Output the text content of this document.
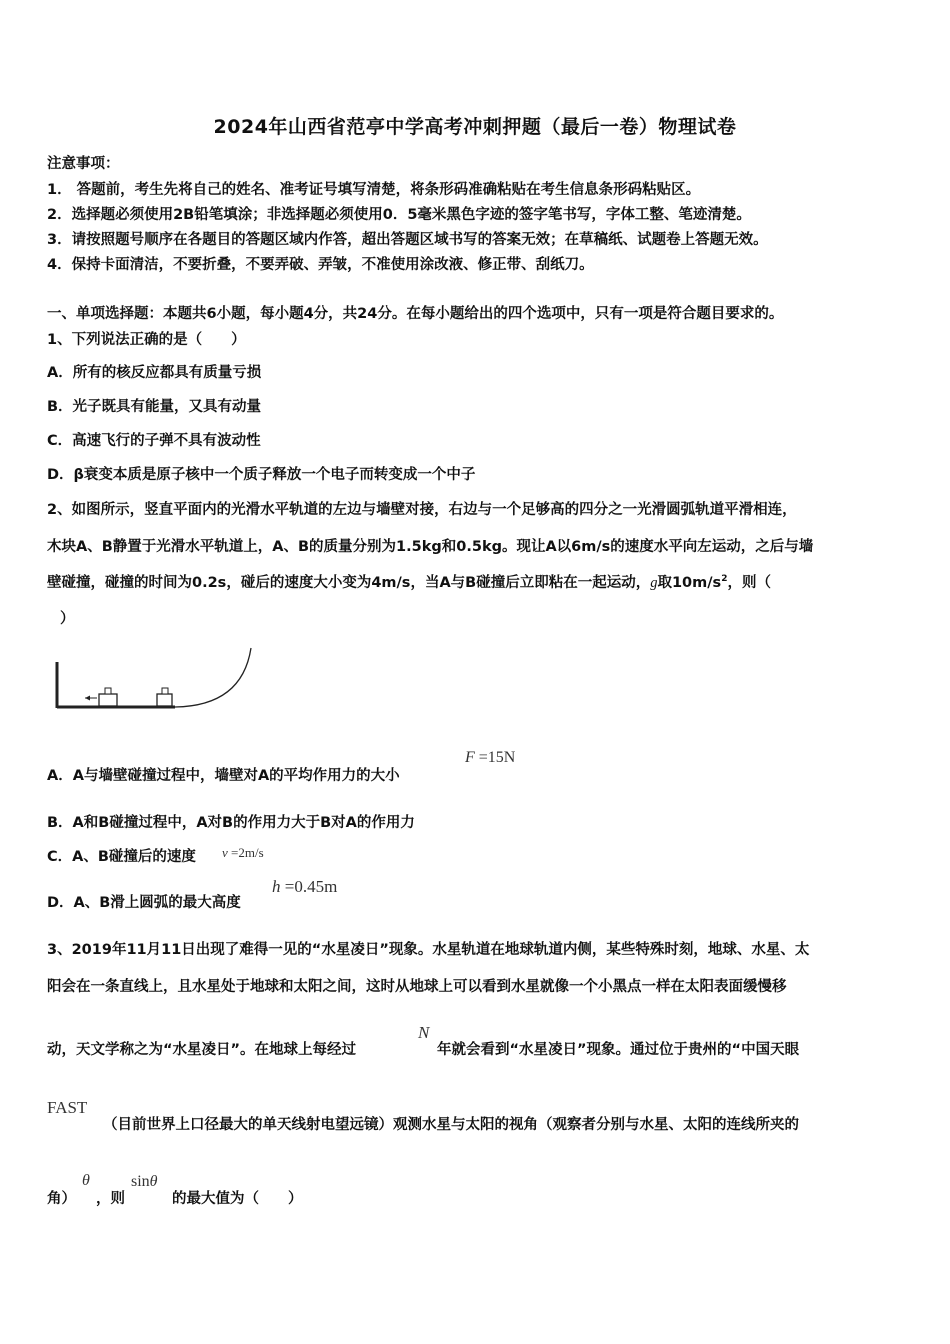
2024年山西省范亭中学高考冲刺押题（最后一卷）物理试卷
注意事项：
1． 答题前，考生先将自己的姓名、准考证号填写清楚，将条形码准确粘贴在考生信息条形码粘贴区。
2．选择题必须使用2B铅笔填涂；非选择题必须使用0．5毫米黑色字迹的签字笔书写，字体工整、笔迹清楚。
3．请按照题号顺序在各题目的答题区域内作答，超出答题区域书写的答案无效；在草稿纸、试题卷上答题无效。
4．保持卡面清洁，不要折叠，不要弄破、弄皱，不准使用涂改液、修正带、刮纸刀。
一、单项选择题：本题共6小题，每小题4分，共24分。在每小题给出的四个选项中，只有一项是符合题目要求的。
1、下列说法正确的是（　　）
A．所有的核反应都具有质量亏损
B．光子既具有能量，又具有动量
C．高速飞行的子弹不具有波动性
D．β衰变本质是原子核中一个质子释放一个电子而转变成一个中子
2、如图所示，竖直平面内的光滑水平轨道的左边与墙壁对接，右边与一个足够高的四分之一光滑圆弧轨道平滑相连，
木块A、B静置于光滑水平轨道上，A、B的质量分别为1.5kg和0.5kg。现让A以6m/s的速度水平向左运动，之后与墙
壁碰撞，碰撞的时间为0.2s，碰后的速度大小变为4m/s，当A与B碰撞后立即粘在一起运动，g取$10m/s^2$，则（
）
A．A与墙壁碰撞过程中，墙壁对A的平均作用力的大小
F =15N
B．A和B碰撞过程中，A对B的作用力大于B对A的作用力
C．A、B碰撞后的速度 v =2m/s
D．A、B滑上圆弧的最大高度
h =0.45m
3、2019年11月11日出现了难得一见的“水星凌日”现象。水星轨道在地球轨道内侧，某些特殊时刻，地球、水星、太
阳会在一条直线上，且水星处于地球和太阳之间，这时从地球上可以看到水星就像一个小黑点一样在太阳表面缓慢移
动，天文学称之为“水星凌日”。在地球上每经过
N
年就会看到“水星凌日”现象。通过位于贵州的“中国天眼
FAST
（目前世界上口径最大的单天线射电望远镜）观测水星与太阳的视角（观察者分别与水星、太阳的连线所夹的
角）
θ
，则
sinθ
的最大值为（　　）
